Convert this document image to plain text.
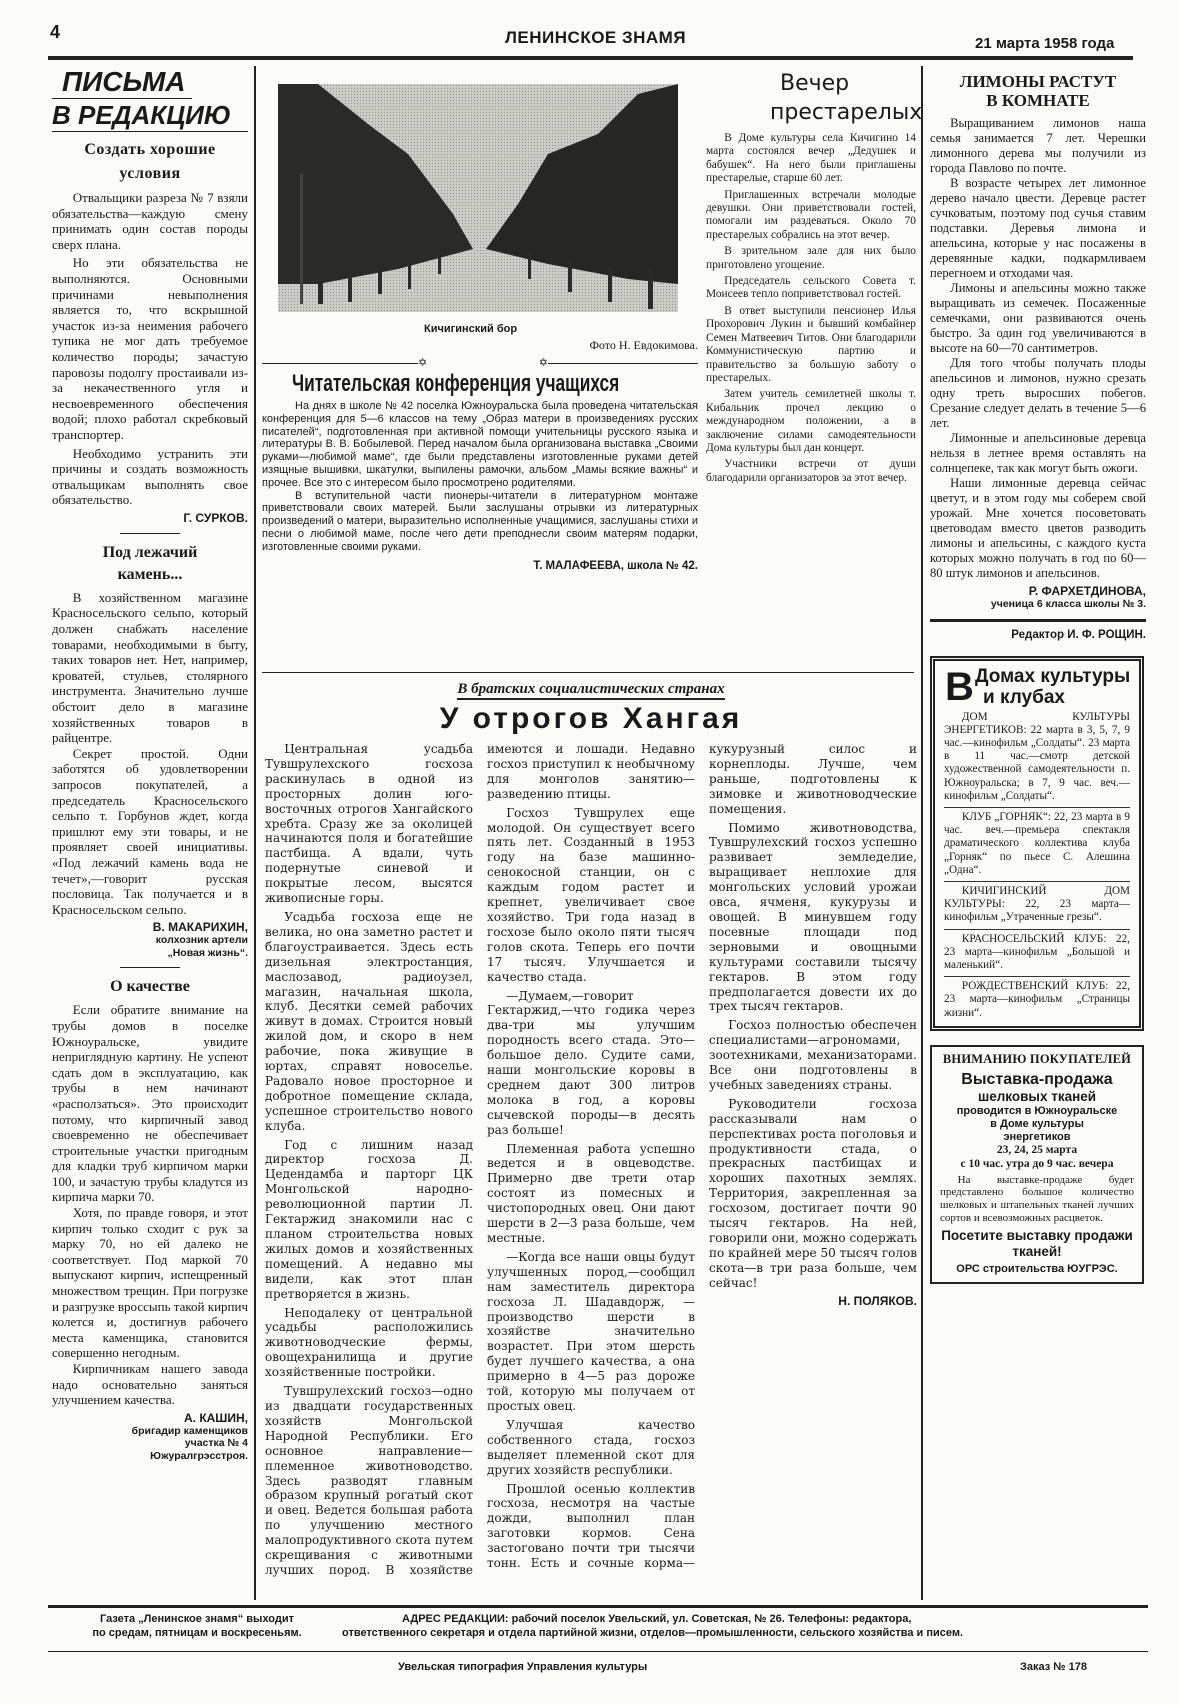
4	ЛЕНИНСКОЕ ЗНАМЯ	21 марта 1958 года
ПИСЬМА
В РЕДАКЦИЮ
Создать хорошие
условия

Отвальщики разреза № 7 взяли обязательства—каждую смену принимать один состав породы сверх плана.

Но эти обязательства не выполняются. Основными причинами невыполнения является то, что вскрышной участок из-за неимения рабочего тупика не мог дать требуемое количество породы; зачастую паровозы подолгу простаивали из-за некачественного угля и несвоевременного обеспечения водой; плохо работал скребковый транспортер.

Необходимо устранить эти причины и создать возможность отвальщикам выполнять свое обязательство.

Г. СУРКОВ.
Под лежачий
камень...

В хозяйственном магазине Красносельского сельпо, который должен снабжать население товарами, необходимыми в быту, таких товаров нет. Нет, например, кроватей, стульев, столярного инструмента. Значительно лучше обстоит дело в магазине хозяйственных товаров в райцентре.

Секрет простой. Одни заботятся об удовлетворении запросов покупателей, а председатель Красносельского сельпо т. Горбунов ждет, когда пришлют ему эти товары, и не проявляет своей инициативы. «Под лежачий камень вода не течет»,—говорит русская пословица. Так получается и в Красносельском сельпо.

В. МАКАРИХИН,
колхозник артели
„Новая жизнь“.
О качестве

Если обратите внимание на трубы домов в поселке Южноуральске, увидите неприглядную картину. Не успеют сдать дом в эксплуатацию, как трубы в нем начинают «расползаться». Это происходит потому, что кирпичный завод своевременно не обеспечивает строительные участки пригодным для кладки труб кирпичом марки 100, и зачастую трубы кладутся из кирпича марки 70.

Хотя, по правде говоря, и этот кирпич только сходит с рук за марку 70, но ей далеко не соответствует. Под маркой 70 выпускают кирпич, испещренный множеством трещин. При погрузке и разгрузке вроссыпь такой кирпич колется и, достигнув рабочего места каменщика, становится совершенно негодным.

Кирпичникам нашего завода надо основательно заняться улучшением качества.

А. КАШИН,
бригадир каменщиков
участка № 4
Южуралгрэсстроя.
Кичигинский бор
Фото Н. Евдокимова.
✡	✡
Читательская конференция учащихся

На днях в школе № 42 поселка Южноуральска была проведена читательская конференция для 5—6 классов на тему „Образ матери в произведениях русских писателей“, подготовленная при активной помощи учительницы русского языка и литературы В. В. Бобылевой. Перед началом была организована выставка „Своими руками—любимой маме“, где были представлены изготовленные руками детей изящные вышивки, шкатулки, выпилены рамочки, альбом „Мамы всякие важны“ и прочее. Все это с интересом было просмотрено родителями.

В вступительной части пионеры-читатели в литературном монтаже приветствовали своих матерей. Были заслушаны отрывки из литературных произведений о матери, выразительно исполненные учащимися, заслушаны стихи и песни о любимой маме, после чего дети преподнесли своим матерям подарки, изготовленные своими руками.

Т. МАЛАФЕЕВА, школа № 42.
Вечер
престарелых

В Доме культуры села Кичигино 14 марта состоялся вечер „Дедушек и бабушек“. На него были приглашены престарелые, старше 60 лет.

Приглашенных встречали молодые девушки. Они приветствовали гостей, помогали им раздеваться. Около 70 престарелых собрались на этот вечер.

В зрительном зале для них было приготовлено угощение.

Председатель сельского Совета т. Моисеев тепло поприветствовал гостей.

В ответ выступили пенсионер Илья Прохорович Лукин и бывший комбайнер Семен Матвеевич Титов. Они благодарили Коммунистическую партию и правительство за большую заботу о престарелых.

Затем учитель семилетней школы т. Кибальник прочел лекцию о международном положении, а в заключение силами самодеятельности Дома культуры был дан концерт.

Участники встречи от души благодарили организаторов за этот вечер.

ЛИМОНЫ РАСТУТ
В КОМНАТЕ

Выращиванием лимонов наша семья занимается 7 лет. Черешки лимонного дерева мы получили из города Павлово по почте.

В возрасте четырех лет лимонное дерево начало цвести. Деревце растет сучковатым, поэтому под сучья ставим подставки. Деревья лимона и апельсина, которые у нас посажены в деревянные кадки, подкармливаем перегноем и отходами чая.

Лимоны и апельсины можно также выращивать из семечек. Посаженные семечками, они развиваются очень быстро. За один год увеличиваются в высоте на 60—70 сантиметров.

Для того чтобы получать плоды апельсинов и лимонов, нужно срезать одну треть выросших побегов. Срезание следует делать в течение 5—6 лет.

Лимонные и апельсиновые деревца нельзя в летнее время оставлять на солнцепеке, так как могут быть ожоги.

Наши лимонные деревца сейчас цветут, и в этом году мы соберем свой урожай. Мне хочется посоветовать цветоводам вместо цветов разводить лимоны и апельсины, с каждого куста которых можно получать в год по 60—80 штук лимонов и апельсинов.

Р. ФАРХЕТДИНОВА,
ученица 6 класса школы № 3.
Редактор И. Ф. РОЩИН.
В Домах культуры
и клубах

ДОМ КУЛЬТУРЫ ЭНЕРГЕТИКОВ: 22 марта в 3, 5, 7, 9 час.—кинофильм „Солдаты“. 23 марта в 11 час.—смотр детской художественной самодеятельности п. Южноуральска; в 7, 9 час. веч.—кинофильм „Солдаты“.

КЛУБ „ГОРНЯК“: 22, 23 марта в 9 час. веч.—премьера спектакля драматического коллектива клуба „Горняк“ по пьесе С. Алешина „Одна“.

КИЧИГИНСКИЙ ДОМ КУЛЬТУРЫ: 22, 23 марта—кинофильм „Утраченные грезы“.

КРАСНОСЕЛЬСКИЙ КЛУБ: 22, 23 марта—кинофильм „Большой и маленький“.

РОЖДЕСТВЕНСКИЙ КЛУБ: 22, 23 марта—кинофильм „Страницы жизни“.

ВНИМАНИЮ ПОКУПАТЕЛЕЙ
Выставка-продажа
шелковых тканей
проводится в Южноуральске
в Доме культуры
энергетиков
23, 24, 25 марта
с 10 час. утра до 9 час. вечера

На выставке-продаже будет представлено большое количество шелковых и штапельных тканей лучших сортов и всевозможных расцветок.

Посетите выставку продажи
тканей!
ОРС строительства ЮУГРЭС.
В братских социалистических странах
У отрогов Хангая

Центральная усадьба Тувшрулехского госхоза раскинулась в одной из просторных долин юго-восточных отрогов Хангайского хребта. Сразу же за околицей начинаются поля и богатейшие пастбища. А вдали, чуть подернутые синевой и покрытые лесом, высятся живописные горы.

Усадьба госхоза еще не велика, но она заметно растет и благоустраивается. Здесь есть дизельная электростанция, маслозавод, радиоузел, магазин, начальная школа, клуб. Десятки семей рабочих живут в домах. Строится новый жилой дом, и скоро в нем рабочие, пока живущие в юртах, справят новоселье. Радовало новое просторное и добротное помещение склада, успешное строительство нового клуба.

Год с лишним назад директор госхоза Д. Цедендамба и парторг ЦК Монгольской народно-революционной партии Л. Гектаржид знакомили нас с планом строительства новых жилых домов и хозяйственных помещений. А недавно мы видели, как этот план претворяется в жизнь.

Неподалеку от центральной усадьбы расположились животноводческие фермы, овощехранилища и другие хозяйственные постройки.

Тувшрулехский госхоз—одно из двадцати государственных хозяйств Монгольской Народной Республики. Его основное направление—племенное животноводство. Здесь разводят главным образом крупный рогатый скот и овец. Ведется большая работа по улучшению местного малопродуктивного скота путем скрещивания с животными лучших пород. В хозяйстве имеются и лошади. Недавно госхоз приступил к необычному для монголов занятию—разведению птицы.

Госхоз Тувшрулех еще молодой. Он существует всего пять лет. Созданный в 1953 году на базе машинно-сенокосной станции, он с каждым годом растет и крепнет, увеличивает свое хозяйство. Три года назад в госхозе было около пяти тысяч голов скота. Теперь его почти 17 тысяч. Улучшается и качество стада.

—Думаем,—говорит Гектаржид,—что годика через два-три мы улучшим породность всего стада. Это—большое дело. Судите сами, наши монгольские коровы в среднем дают 300 литров молока в год, а коровы сычевской породы—в десять раз больше!

Племенная работа успешно ведется и в овцеводстве. Примерно две трети отар состоят из помесных и чистопородных овец. Они дают шерсти в 2—3 раза больше, чем местные.

—Когда все наши овцы будут улучшенных пород,—сообщил нам заместитель директора госхоза Л. Шадавдорж, — производство шерсти в хозяйстве значительно возрастет. При этом шерсть будет лучшего качества, а она примерно в 4—5 раз дороже той, которую мы получаем от простых овец.

Улучшая качество собственного стада, госхоз выделяет племенной скот для других хозяйств республики.

Прошлой осенью коллектив госхоза, несмотря на частые дожди, выполнил план заготовки кормов. Сена застоговано почти три тысячи тонн. Есть и сочные корма—кукурузный силос и корнеплоды. Лучше, чем раньше, подготовлены к зимовке и животноводческие помещения.

Помимо животноводства, Тувшрулехский госхоз успешно развивает земледелие, выращивает неплохие для монгольских условий урожаи овса, ячменя, кукурузы и овощей. В минувшем году посевные площади под зерновыми и овощными культурами составили тысячу гектаров. В этом году предполагается довести их до трех тысяч гектаров.

Госхоз полностью обеспечен специалистами—агрономами, зоотехниками, механизаторами. Все они подготовлены в учебных заведениях страны.

Руководители госхоза рассказывали нам о перспективах роста поголовья и продуктивности стада, о прекрасных пастбищах и хороших пахотных землях. Территория, закрепленная за госхозом, достигает почти 90 тысяч гектаров. На ней, говорили они, можно содержать по крайней мере 50 тысяч голов скота—в три раза больше, чем сейчас!

Н. ПОЛЯКОВ.
Газета „Ленинское знамя“ выходит
по средам, пятницам и воскресеньям.
АДРЕС РЕДАКЦИИ: рабочий поселок Увельский, ул. Советская, № 26. Телефоны: редактора,
ответственного секретаря и отдела партийной жизни, отделов—промышленности, сельского хозяйства и писем.
Увельская типография Управления культуры	Заказ № 178
